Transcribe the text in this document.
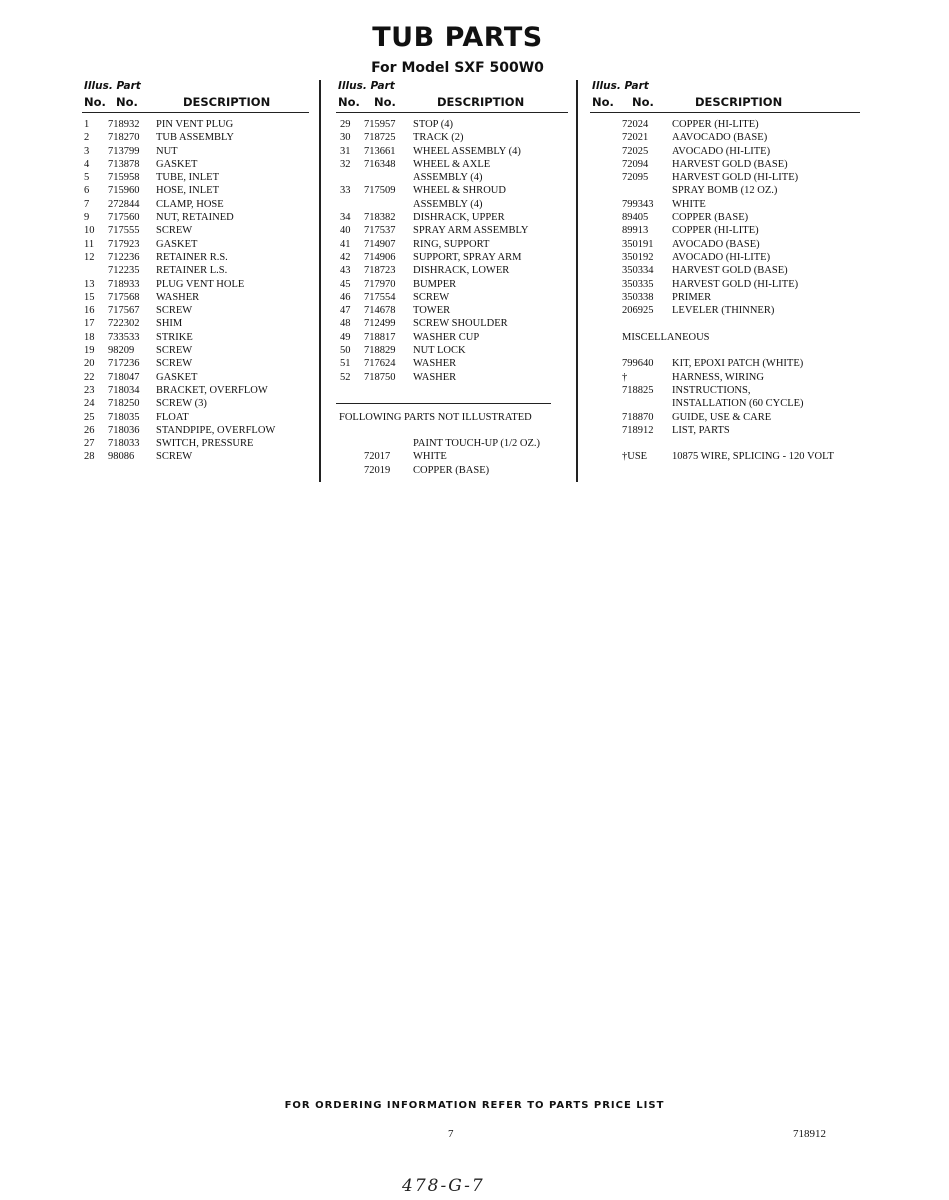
TUB PARTS
For Model SXF 500W0
Illus. Part
No. No.	DESCRIPTION
1 718932 PIN VENT PLUG
2 718270 TUB ASSEMBLY
3 713799 NUT
4 713878 GASKET
5 715958 TUBE, INLET
6 715960 HOSE, INLET
7 272844 CLAMP, HOSE
9 717560 NUT, RETAINED
10 717555 SCREW
11 717923 GASKET
12 712236 RETAINER R.S.
712235 RETAINER L.S.
13 718933 PLUG VENT HOLE
15 717568 WASHER
16 717567 SCREW
17 722302 SHIM
18 733533 STRIKE
19 98209 SCREW
20 717236 SCREW
22 718047 GASKET
23 718034 BRACKET, OVERFLOW
24 718250 SCREW (3)
25 718035 FLOAT
26 718036 STANDPIPE, OVERFLOW
27 718033 SWITCH, PRESSURE
28 98086 SCREW
Illus. Part
No. No.	DESCRIPTION
29 715957 STOP (4)
30 718725 TRACK (2)
31 713661 WHEEL ASSEMBLY (4)
32 716348 WHEEL & AXLE
ASSEMBLY (4)
33 717509 WHEEL & SHROUD
ASSEMBLY (4)
34 718382 DISHRACK, UPPER
40 717537 SPRAY ARM ASSEMBLY
41 714907 RING, SUPPORT
42 714906 SUPPORT, SPRAY ARM
43 718723 DISHRACK, LOWER
45 717970 BUMPER
46 717554 SCREW
47 714678 TOWER
48 712499 SCREW SHOULDER
49 718817 WASHER CUP
50 718829 NUT LOCK
51 717624 WASHER
52 718750 WASHER
FOLLOWING PARTS NOT ILLUSTRATED
PAINT TOUCH-UP (1/2 OZ.)
72017 WHITE
72019 COPPER (BASE)
Illus. Part
No. No.	DESCRIPTION
72024 COPPER (HI-LITE)
72021 AAVOCADO (BASE)
72025 AVOCADO (HI-LITE)
72094 HARVEST GOLD (BASE)
72095 HARVEST GOLD (HI-LITE)
SPRAY BOMB (12 OZ.)
799343 WHITE
89405 COPPER (BASE)
89913 COPPER (HI-LITE)
350191 AVOCADO (BASE)
350192 AVOCADO (HI-LITE)
350334 HARVEST GOLD (BASE)
350335 HARVEST GOLD (HI-LITE)
350338 PRIMER
206925 LEVELER (THINNER)
MISCELLANEOUS
799640 KIT, EPOXI PATCH (WHITE)
†	HARNESS, WIRING
718825 INSTRUCTIONS,
INSTALLATION (60 CYCLE)
718870 GUIDE, USE & CARE
718912 LIST, PARTS
†USE 10875 WIRE, SPLICING - 120 VOLT
FOR ORDERING INFORMATION REFER TO PARTS PRICE LIST
7	718912
478-G-7
